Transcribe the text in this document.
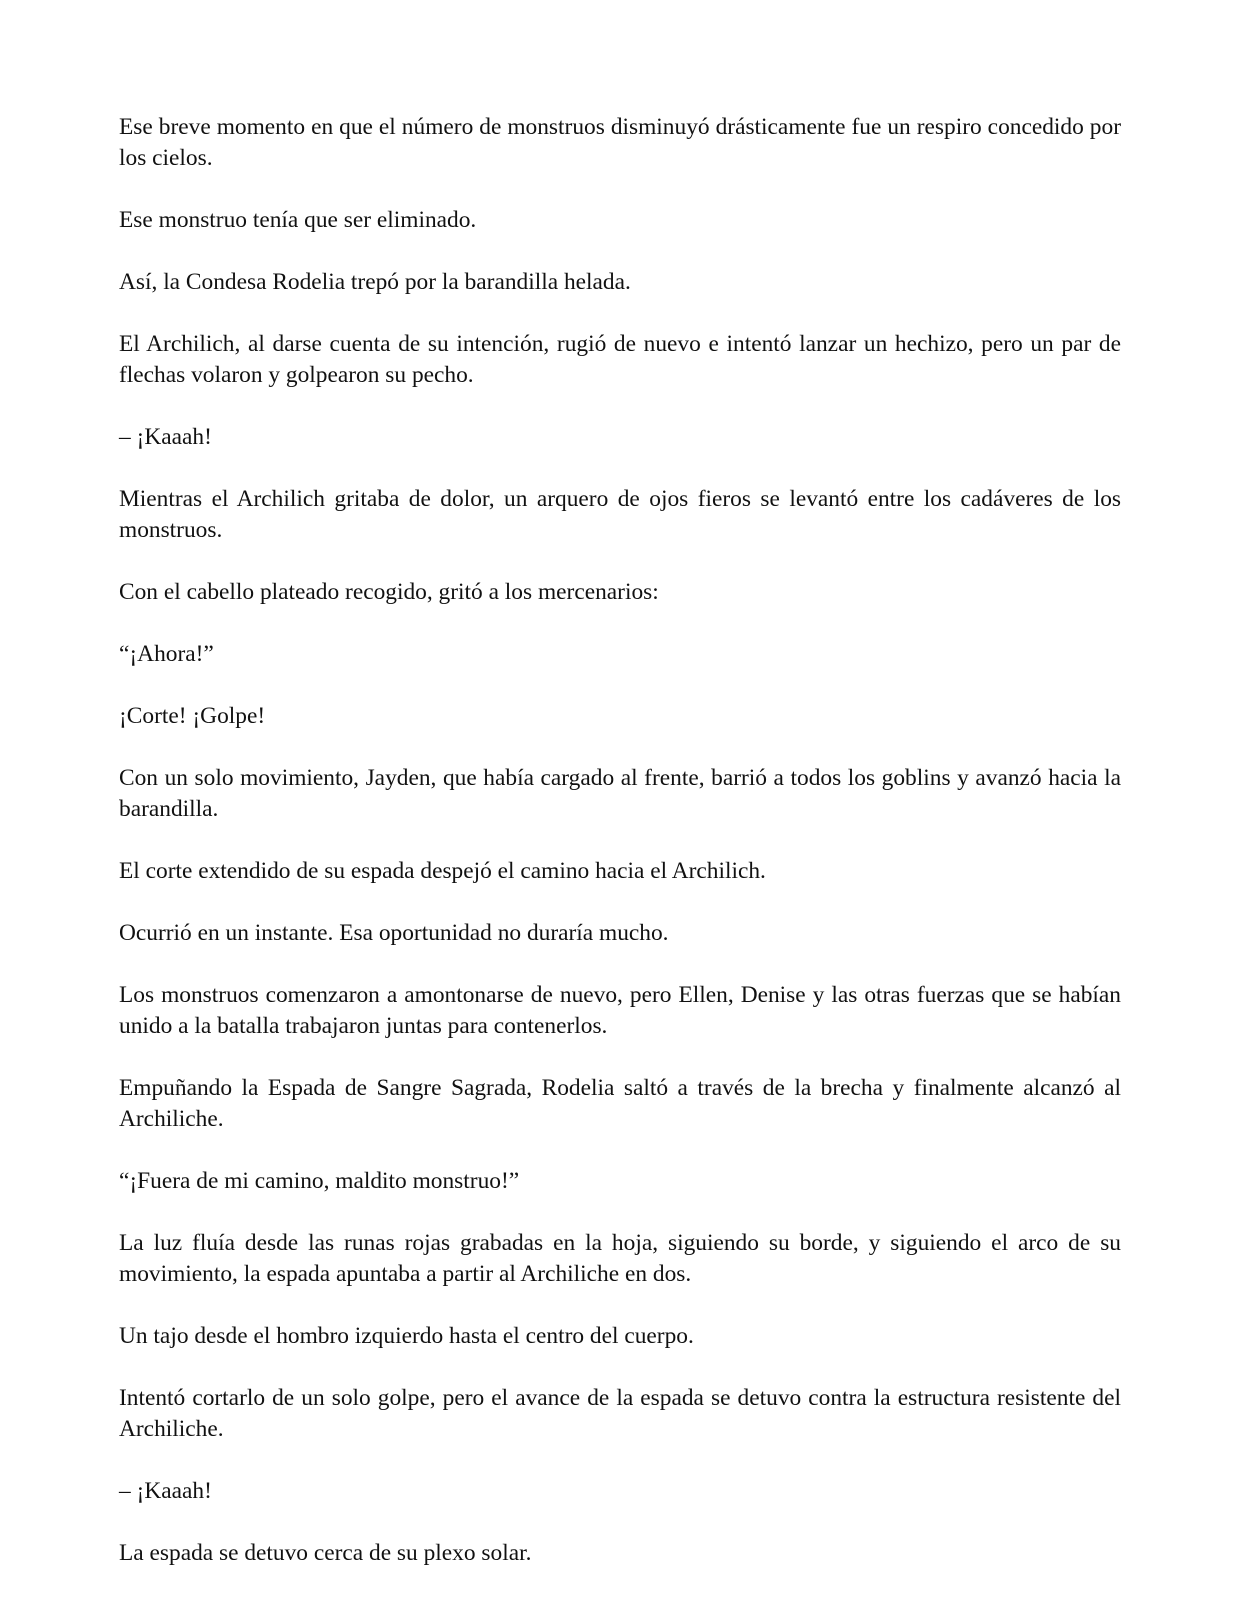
Ese breve momento en que el número de monstruos disminuyó drásticamente fue un respiro concedido por los cielos.

Ese monstruo tenía que ser eliminado.

Así, la Condesa Rodelia trepó por la barandilla helada.

El Archilich, al darse cuenta de su intención, rugió de nuevo e intentó lanzar un hechizo, pero un par de flechas volaron y golpearon su pecho.

– ¡Kaaah!

Mientras el Archilich gritaba de dolor, un arquero de ojos fieros se levantó entre los cadáveres de los monstruos.

Con el cabello plateado recogido, gritó a los mercenarios:

“¡Ahora!”

¡Corte! ¡Golpe!

Con un solo movimiento, Jayden, que había cargado al frente, barrió a todos los goblins y avanzó hacia la barandilla.

El corte extendido de su espada despejó el camino hacia el Archilich.

Ocurrió en un instante. Esa oportunidad no duraría mucho.

Los monstruos comenzaron a amontonarse de nuevo, pero Ellen, Denise y las otras fuerzas que se habían unido a la batalla trabajaron juntas para contenerlos.

Empuñando la Espada de Sangre Sagrada, Rodelia saltó a través de la brecha y finalmente alcanzó al Archiliche.

“¡Fuera de mi camino, maldito monstruo!”

La luz fluía desde las runas rojas grabadas en la hoja, siguiendo su borde, y siguiendo el arco de su movimiento, la espada apuntaba a partir al Archiliche en dos.

Un tajo desde el hombro izquierdo hasta el centro del cuerpo.

Intentó cortarlo de un solo golpe, pero el avance de la espada se detuvo contra la estructura resistente del Archiliche.

– ¡Kaaah!

La espada se detuvo cerca de su plexo solar.
